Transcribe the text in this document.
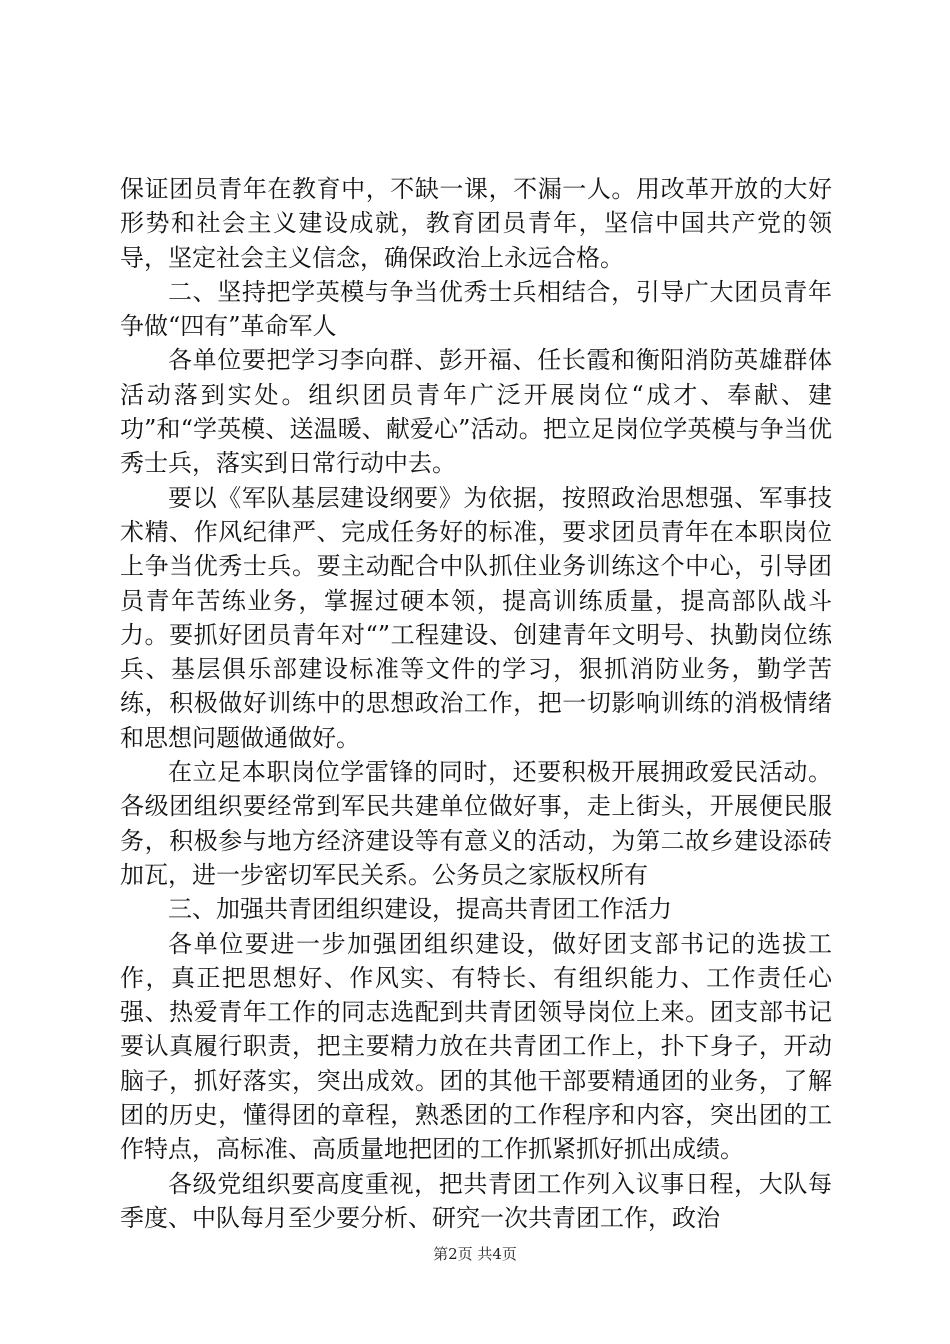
保证团员青年在教育中，不缺一课，不漏一人。用改革开放的大好形势和社会主义建设成就，教育团员青年，坚信中国共产党的领导，坚定社会主义信念，确保政治上永远合格。

二、坚持把学英模与争当优秀士兵相结合，引导广大团员青年争做“四有”革命军人

各单位要把学习李向群、彭开福、任长霞和衡阳消防英雄群体活动落到实处。组织团员青年广泛开展岗位“成才、奉献、建功”和“学英模、送温暖、献爱心”活动。把立足岗位学英模与争当优秀士兵，落实到日常行动中去。

要以《军队基层建设纲要》为依据，按照政治思想强、军事技术精、作风纪律严、完成任务好的标准，要求团员青年在本职岗位上争当优秀士兵。要主动配合中队抓住业务训练这个中心，引导团员青年苦练业务，掌握过硬本领，提高训练质量，提高部队战斗力。要抓好团员青年对“”工程建设、创建青年文明号、执勤岗位练兵、基层俱乐部建设标准等文件的学习，狠抓消防业务，勤学苦练，积极做好训练中的思想政治工作，把一切影响训练的消极情绪和思想问题做通做好。

在立足本职岗位学雷锋的同时，还要积极开展拥政爱民活动。各级团组织要经常到军民共建单位做好事，走上街头，开展便民服务，积极参与地方经济建设等有意义的活动，为第二故乡建设添砖加瓦，进一步密切军民关系。公务员之家版权所有

三、加强共青团组织建设，提高共青团工作活力

各单位要进一步加强团组织建设，做好团支部书记的选拔工作，真正把思想好、作风实、有特长、有组织能力、工作责任心强、热爱青年工作的同志选配到共青团领导岗位上来。团支部书记要认真履行职责，把主要精力放在共青团工作上，扑下身子，开动脑子，抓好落实，突出成效。团的其他干部要精通团的业务，了解团的历史，懂得团的章程，熟悉团的工作程序和内容，突出团的工作特点，高标准、高质量地把团的工作抓紧抓好抓出成绩。

各级党组织要高度重视，把共青团工作列入议事日程，大队每季度、中队每月至少要分析、研究一次共青团工作，政治

第2页 共4页
